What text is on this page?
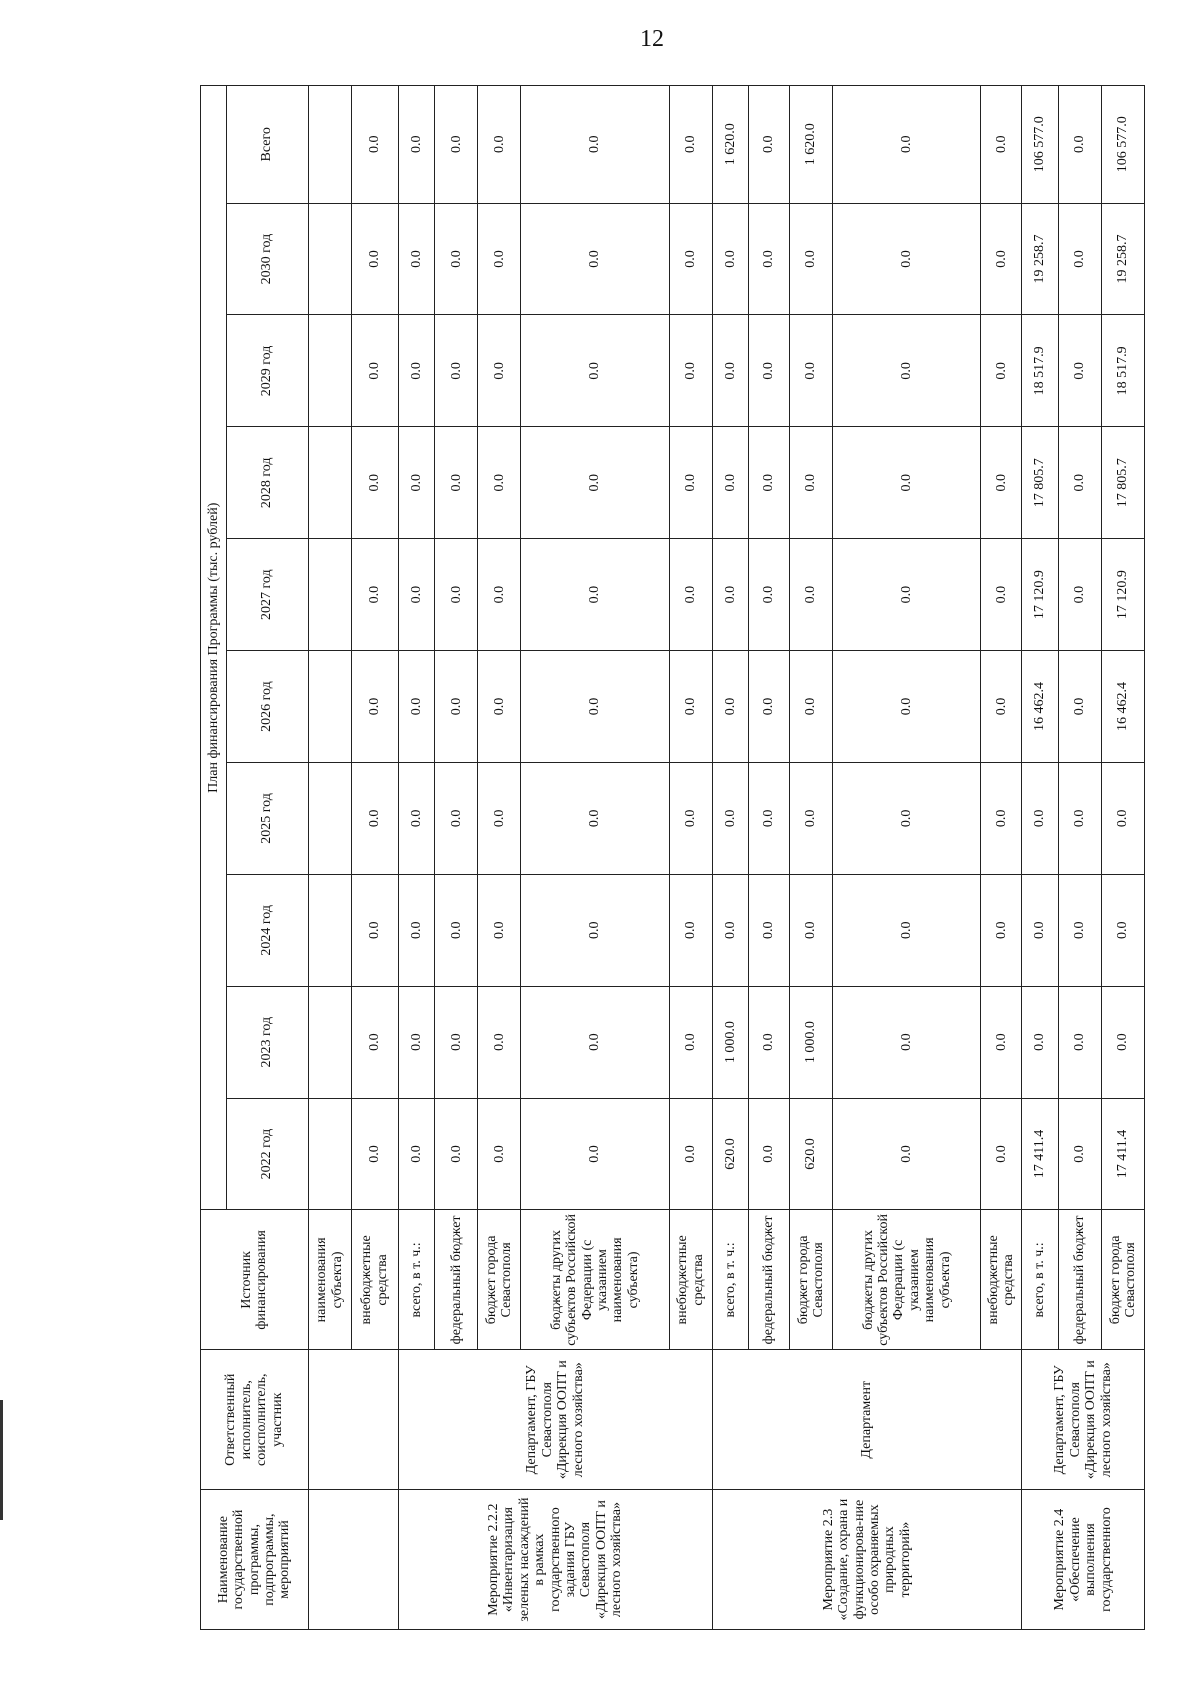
12
Наименование государственной программы, подпрограммы, мероприятий	Ответственный исполнитель, соисполнитель, участник	Источник финансирования	План финансирования Программы (тыс. рублей)									
			2022 год	2023 год	2024 год	2025 год	2026 год	2027 год	2028 год	2029 год	2030 год	Всего
		наименования субъекта)										
		внебюджетные средства	0.0	0.0	0.0	0.0	0.0	0.0	0.0	0.0	0.0	0.0
Мероприятие 2.2.2 «Инвентаризация зеленых насаждений в рамках государственного задания ГБУ Севастополя «Дирекция ООПТ и лесного хозяйства»	Департамент, ГБУ Севастополя «Дирекция ООПТ и лесного хозяйства»	всего, в т. ч.:	0.0	0.0	0.0	0.0	0.0	0.0	0.0	0.0	0.0	0.0
		федеральный бюджет	0.0	0.0	0.0	0.0	0.0	0.0	0.0	0.0	0.0	0.0
		бюджет города Севастополя	0.0	0.0	0.0	0.0	0.0	0.0	0.0	0.0	0.0	0.0
		бюджеты других субъектов Российской Федерации (с указанием наименования субъекта)	0.0	0.0	0.0	0.0	0.0	0.0	0.0	0.0	0.0	0.0
		внебюджетные средства	0.0	0.0	0.0	0.0	0.0	0.0	0.0	0.0	0.0	0.0
Мероприятие 2.3 «Создание, охрана и функционирова-ние особо охраняемых природных территорий»	Департамент	всего, в т. ч.:	620.0	1 000.0	0.0	0.0	0.0	0.0	0.0	0.0	0.0	1 620.0
		федеральный бюджет	0.0	0.0	0.0	0.0	0.0	0.0	0.0	0.0	0.0	0.0
		бюджет города Севастополя	620.0	1 000.0	0.0	0.0	0.0	0.0	0.0	0.0	0.0	1 620.0
		бюджеты других субъектов Российской Федерации (с указанием наименования субъекта)	0.0	0.0	0.0	0.0	0.0	0.0	0.0	0.0	0.0	0.0
		внебюджетные средства	0.0	0.0	0.0	0.0	0.0	0.0	0.0	0.0	0.0	0.0
Мероприятие 2.4 «Обеспечение выполнения государственного	Департамент, ГБУ Севастополя «Дирекция ООПТ и лесного хозяйства»	всего, в т. ч.:	17 411.4	0.0	0.0	0.0	16 462.4	17 120.9	17 805.7	18 517.9	19 258.7	106 577.0
		федеральный бюджет	0.0	0.0	0.0	0.0	0.0	0.0	0.0	0.0	0.0	0.0
		бюджет города Севастополя	17 411.4	0.0	0.0	0.0	16 462.4	17 120.9	17 805.7	18 517.9	19 258.7	106 577.0
